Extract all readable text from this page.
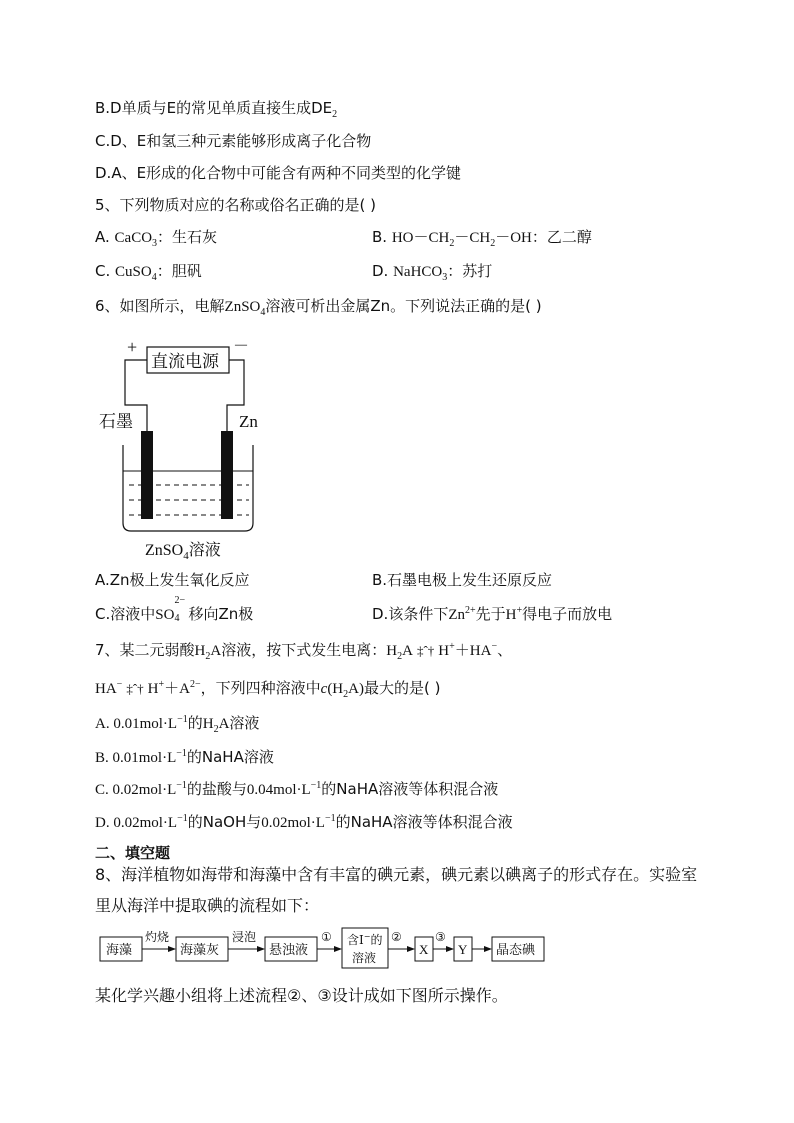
B.D单质与E的常见单质直接生成$DE_2$
C.D、E和氢三种元素能够形成离子化合物
D.A、E形成的化合物中可能含有两种不同类型的化学键
5、下列物质对应的名称或俗名正确的是( )
A. CaCO$_3$：生石灰	B. $HO-CH_2-CH_2-OH$：乙二醇
C. CuSO$_4$：胆矾	D. NaHCO$_3$：苏打
6、如图所示，电解ZnSO$_4$溶液可析出金属Zn。下列说法正确的是( )
+	－
直流电源
石墨	Zn
ZnSO$_4$溶液
A.Zn极上发生氧化反应	B.石墨电极上发生还原反应
C.溶液中SO
2−
4 移向Zn极	D.该条件下$Zn^{2+}$先于H+得电子而放电
7、某二元弱酸$H_2A$溶液，按下式发生电离：$H_2A$ ‡ˆ† H+＋HA−、
HA− ‡ˆ† $H^++A^{2-}$，下列四种溶液中$c(H_2A)$最大的是( )
A. $0.01mol\cdot L^{-1}$的$H_2A$溶液
B. $0.01mol\cdot L^{-1}$的NaHA溶液
C. $0.02mol\cdot L^{-1}$的盐酸与$0.04mol\cdot L^{-1}$的NaHA溶液等体积混合液
D. $0.02mol\cdot L^{-1}$的NaOH与$0.02mol\cdot L^{-1}$的NaHA溶液等体积混合液
二、填空题
8、海洋植物如海带和海藻中含有丰富的碘元素，碘元素以碘离子的形式存在。实验室
里从海洋中提取碘的流程如下：
海藻
灼烧
海藻灰
浸泡
悬浊液
① 含I−的
溶液
②
X
③
Y 晶态碘
某化学兴趣小组将上述流程②、③设计成如下图所示操作。
